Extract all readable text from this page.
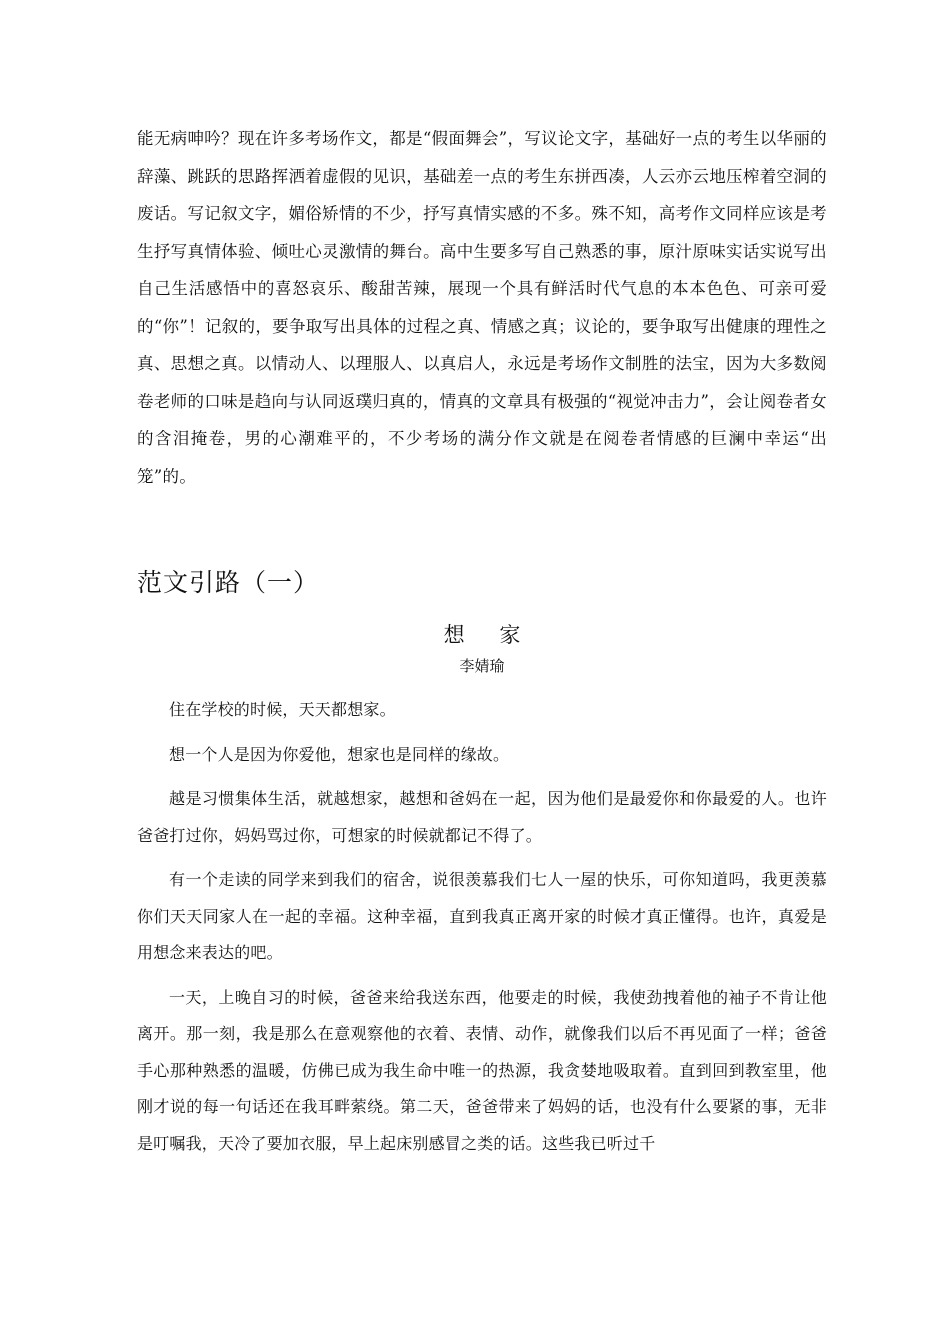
能无病呻吟？现在许多考场作文，都是“假面舞会”，写议论文字，基础好一点的考生以华丽的辞藻、跳跃的思路挥洒着虚假的见识，基础差一点的考生东拼西凑，人云亦云地压榨着空洞的废话。写记叙文字，媚俗矫情的不少，抒写真情实感的不多。殊不知，高考作文同样应该是考生抒写真情体验、倾吐心灵激情的舞台。高中生要多写自己熟悉的事，原汁原味实话实说写出自己生活感悟中的喜怒哀乐、酸甜苦辣，展现一个具有鲜活时代气息的本本色色、可亲可爱的“你”！记叙的，要争取写出具体的过程之真、情感之真；议论的，要争取写出健康的理性之真、思想之真。以情动人、以理服人、以真启人，永远是考场作文制胜的法宝，因为大多数阅卷老师的口味是趋向与认同返璞归真的，情真的文章具有极强的“视觉冲击力”，会让阅卷者女的含泪掩卷，男的心潮难平的，不少考场的满分作文就是在阅卷者情感的巨澜中幸运“出笼”的。

范文引路（一）
想 家
李婧瑜

住在学校的时候，天天都想家。

想一个人是因为你爱他，想家也是同样的缘故。

越是习惯集体生活，就越想家，越想和爸妈在一起，因为他们是最爱你和你最爱的人。也许爸爸打过你，妈妈骂过你，可想家的时候就都记不得了。

有一个走读的同学来到我们的宿舍，说很羡慕我们七人一屋的快乐，可你知道吗，我更羡慕你们天天同家人在一起的幸福。这种幸福，直到我真正离开家的时候才真正懂得。也许，真爱是用想念来表达的吧。

一天，上晚自习的时候，爸爸来给我送东西，他要走的时候，我使劲拽着他的袖子不肯让他离开。那一刻，我是那么在意观察他的衣着、表情、动作，就像我们以后不再见面了一样；爸爸手心那种熟悉的温暖，仿佛已成为我生命中唯一的热源，我贪婪地吸取着。直到回到教室里，他刚才说的每一句话还在我耳畔萦绕。第二天，爸爸带来了妈妈的话，也没有什么要紧的事，无非是叮嘱我，天冷了要加衣服，早上起床别感冒之类的话。这些我已听过千
